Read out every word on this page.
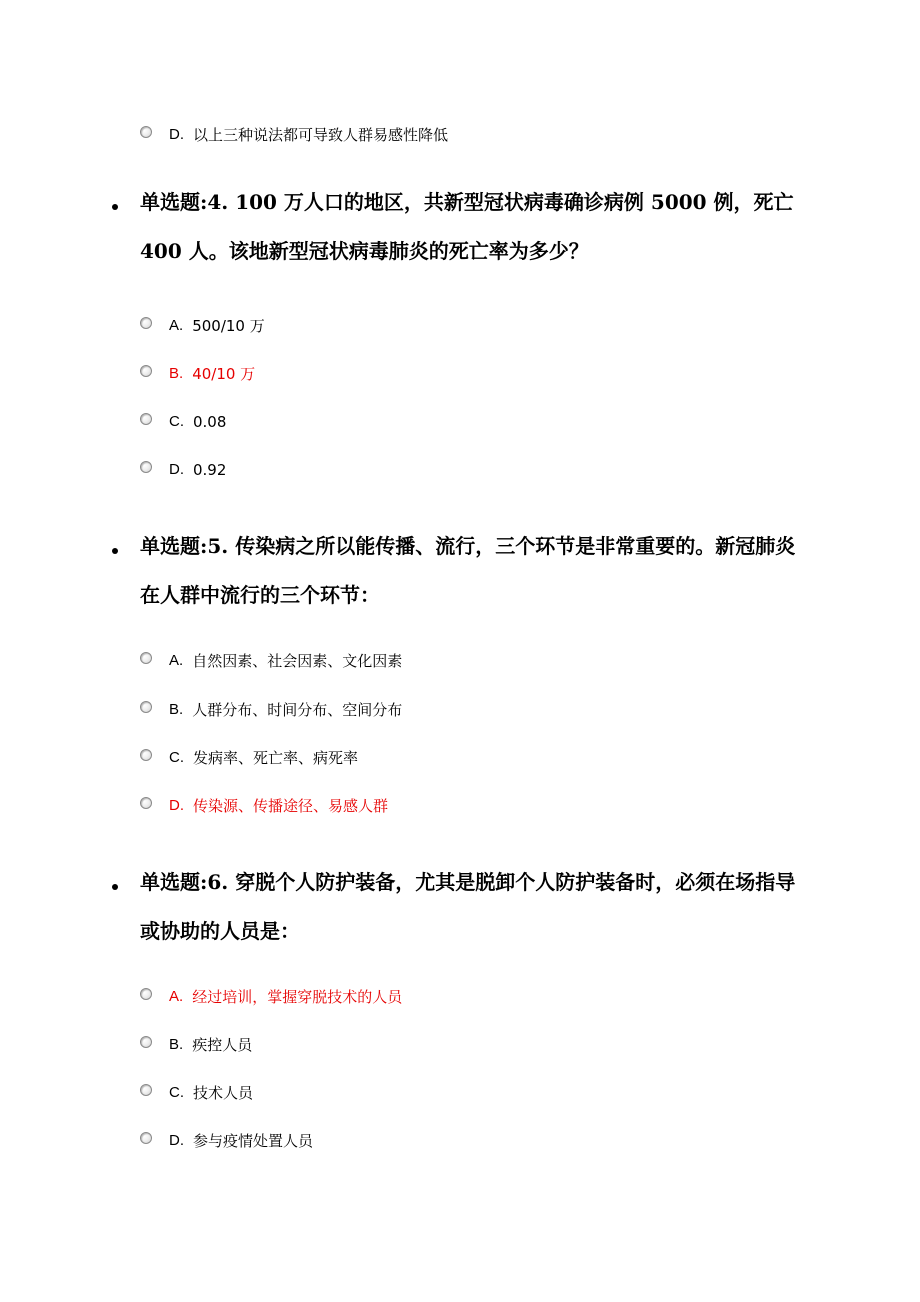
D. 以上三种说法都可导致人群易感性降低
单选题:4. 100 万人口的地区，共新型冠状病毒确诊病例 5000 例，死亡 400 人。该地新型冠状病毒肺炎的死亡率为多少？
A. 500/10 万
B. 40/10 万
C. 0.08
D. 0.92
单选题:5. 传染病之所以能传播、流行，三个环节是非常重要的。新冠肺炎在人群中流行的三个环节：
A. 自然因素、社会因素、文化因素
B. 人群分布、时间分布、空间分布
C. 发病率、死亡率、病死率
D. 传染源、传播途径、易感人群
单选题:6. 穿脱个人防护装备，尤其是脱卸个人防护装备时，必须在场指导或协助的人员是：
A. 经过培训，掌握穿脱技术的人员
B. 疾控人员
C. 技术人员
D. 参与疫情处置人员
